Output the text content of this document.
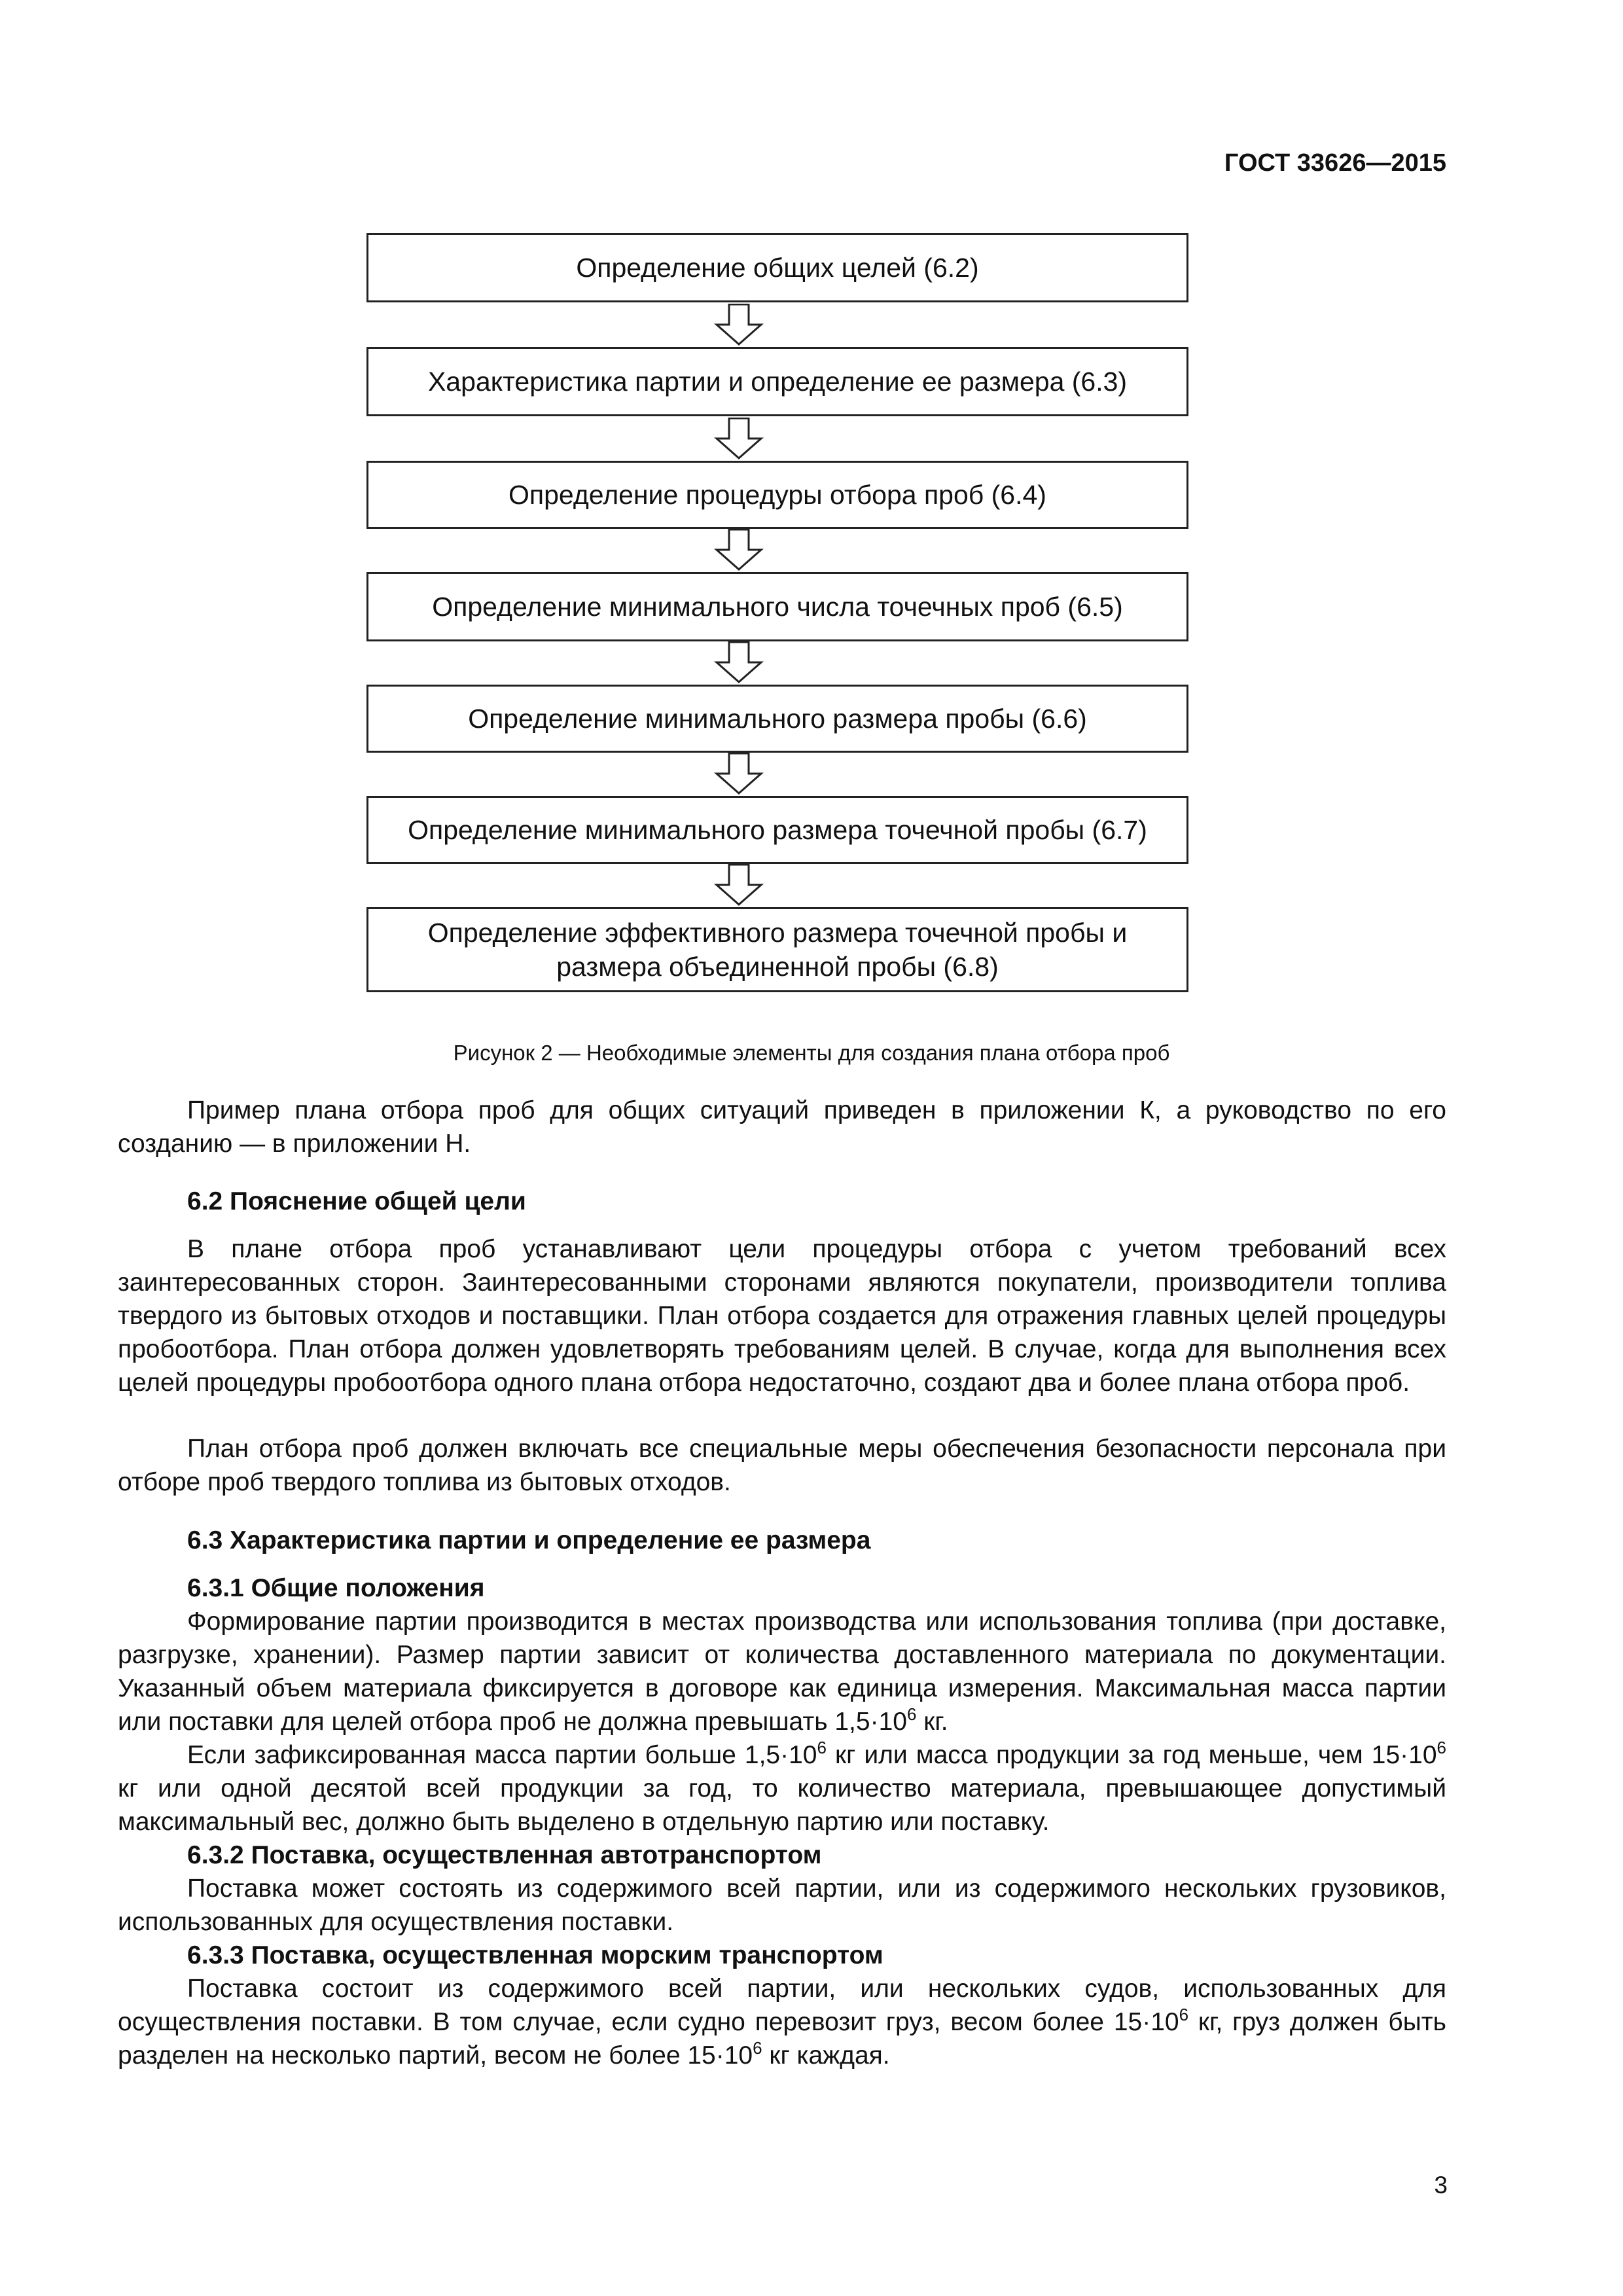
ГОСТ 33626—2015
Определение общих целей (6.2)
Характеристика партии и определение ее размера (6.3)
Определение процедуры отбора проб (6.4)
Определение минимального числа точечных проб (6.5)
Определение минимального размера пробы (6.6)
Определение минимального размера точечной пробы (6.7)
Определение эффективного размера точечной пробы и размера объединенной пробы (6.8)
Рисунок 2 — Необходимые элементы для создания плана отбора проб

Пример плана отбора проб для общих ситуаций приведен в приложении К, а руководство по его созданию — в приложении Н.

6.2 Пояснение общей цели

В плане отбора проб устанавливают цели процедуры отбора с учетом требований всех заинтересованных сторон. Заинтересованными сторонами являются покупатели, производители топлива твердого из бытовых отходов и поставщики. План отбора создается для отражения главных целей процедуры пробоотбора. План отбора должен удовлетворять требованиям целей. В случае, когда для выполнения всех целей процедуры пробоотбора одного плана отбора недостаточно, создают два и более плана отбора проб.

План отбора проб должен включать все специальные меры обеспечения безопасности персонала при отборе проб твердого топлива из бытовых отходов.

6.3 Характеристика партии и определение ее размера

6.3.1 Общие положения

Формирование партии производится в местах производства или использования топлива (при доставке, разгрузке, хранении). Размер партии зависит от количества доставленного материала по документации. Указанный объем материала фиксируется в договоре как единица измерения. Максимальная масса партии или поставки для целей отбора проб не должна превышать $1,5\cdot 10^6$ кг.

Если зафиксированная масса партии больше $1,5\cdot 10^6$ кг или масса продукции за год меньше, чем $15\cdot 10^6$ кг или одной десятой всей продукции за год, то количество материала, превышающее допустимый максимальный вес, должно быть выделено в отдельную партию или поставку.

6.3.2 Поставка, осуществленная автотранспортом

Поставка может состоять из содержимого всей партии, или из содержимого нескольких грузовиков, использованных для осуществления поставки.

6.3.3 Поставка, осуществленная морским транспортом

Поставка состоит из содержимого всей партии, или нескольких судов, использованных для осуществления поставки. В том случае, если судно перевозит груз, весом более $15\cdot 10^6$ кг, груз должен быть разделен на несколько партий, весом не более $15\cdot 10^6$ кг каждая.

3
